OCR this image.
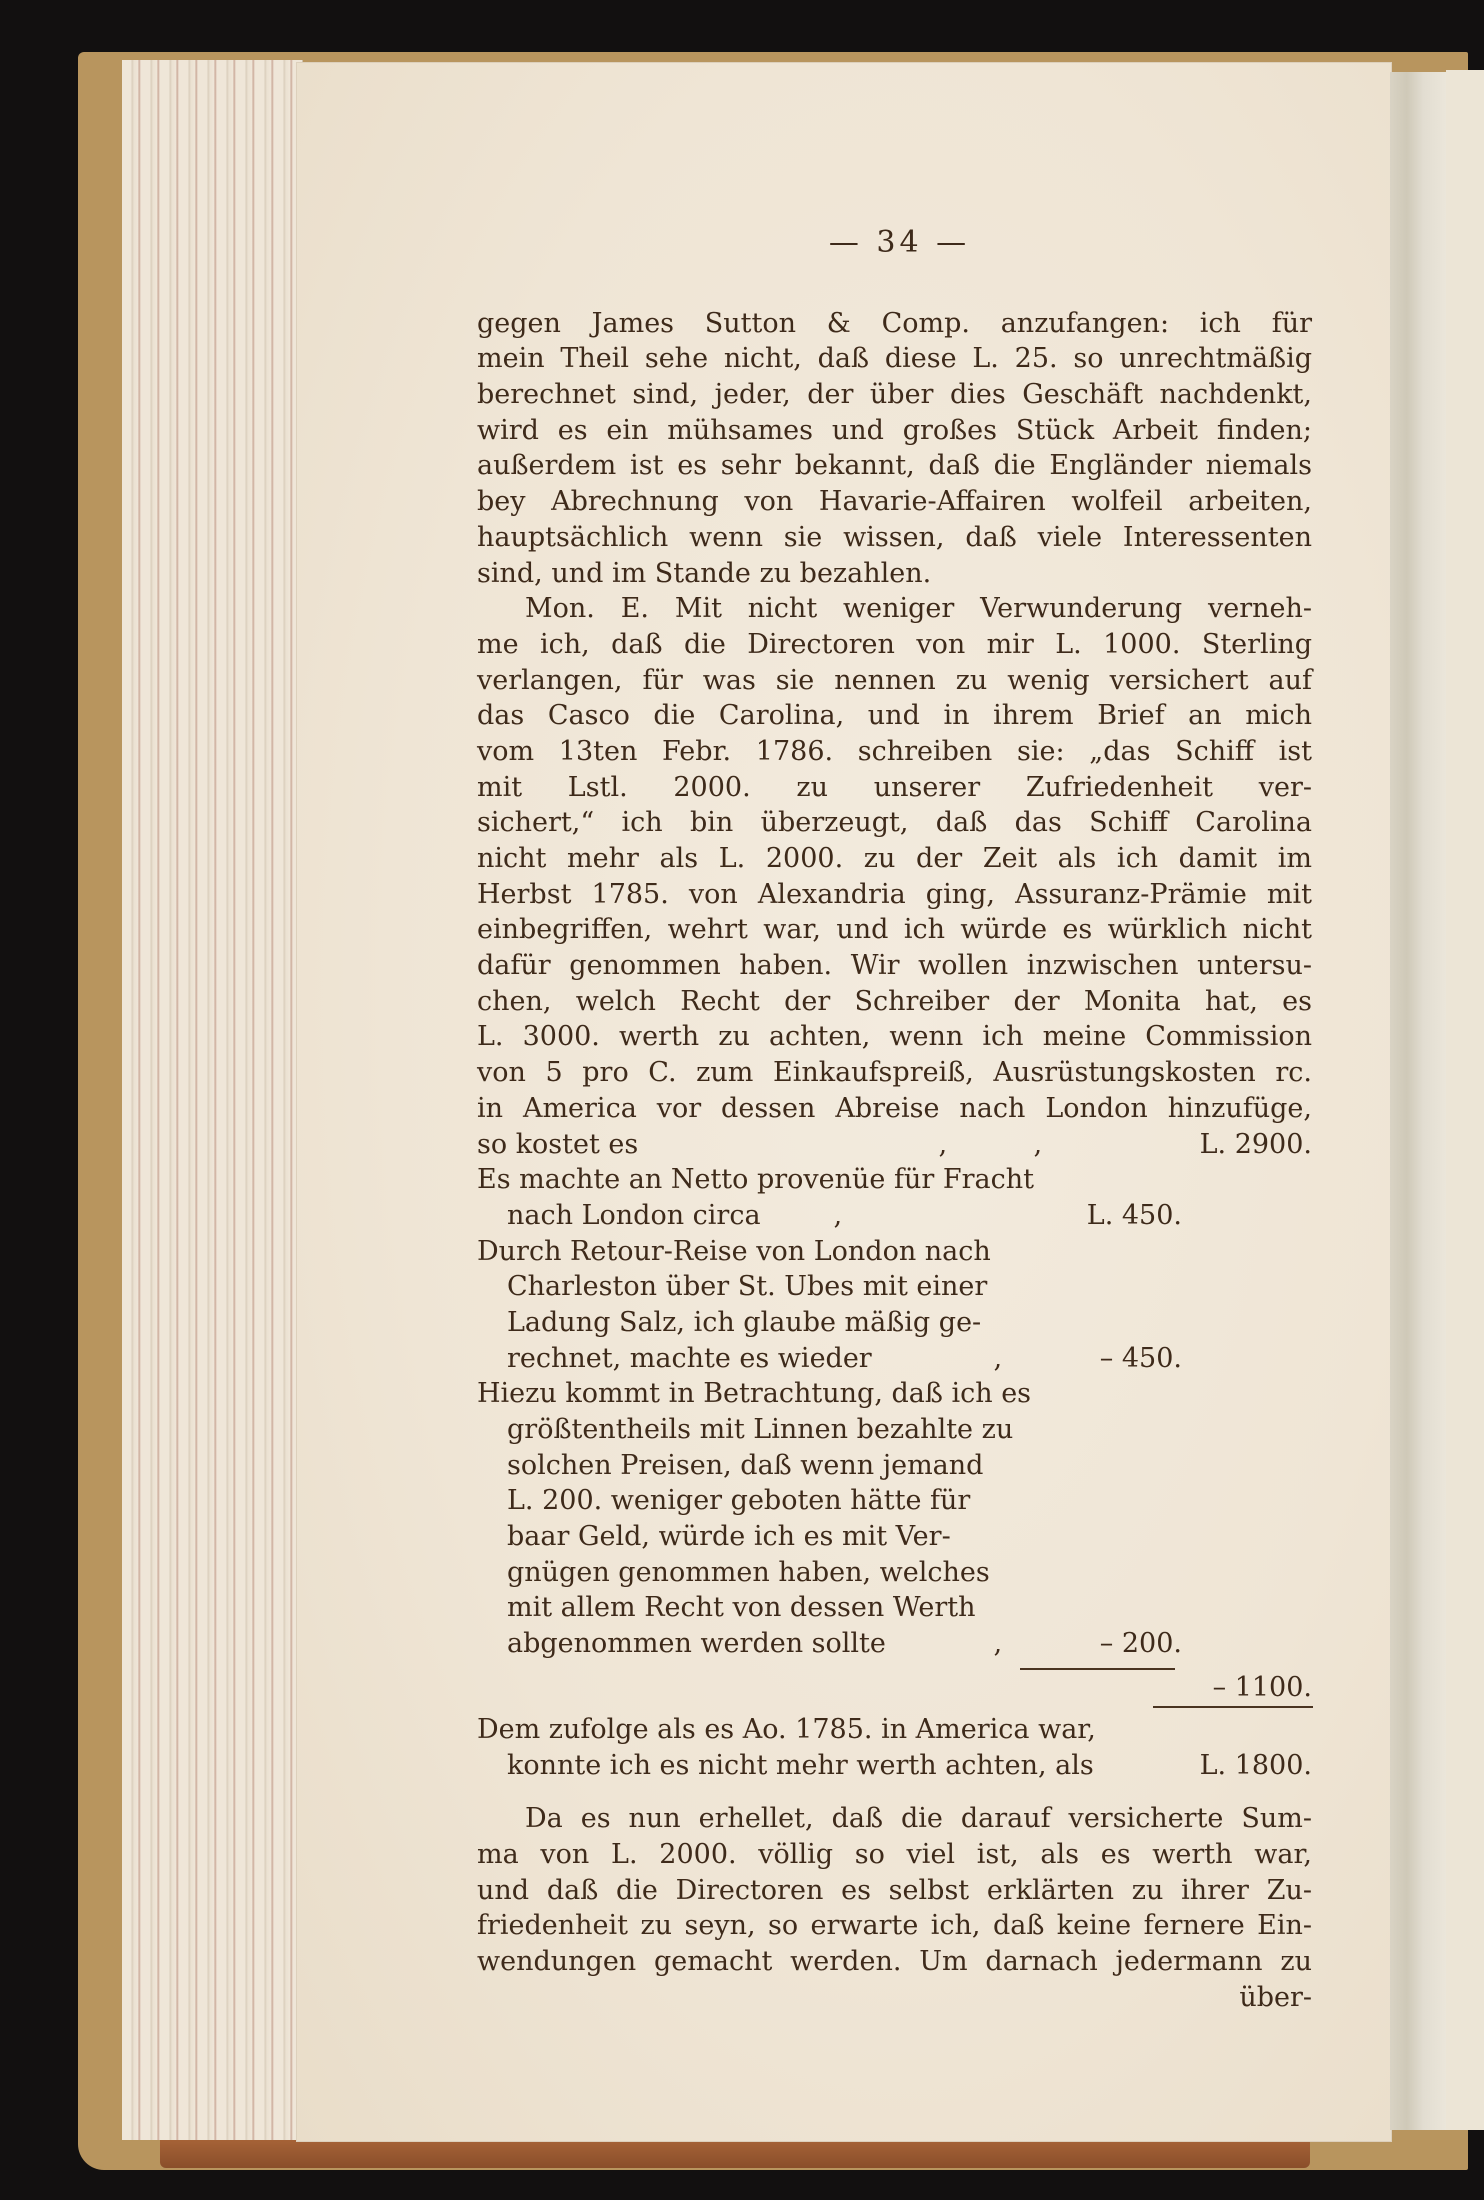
— 34 —
gegen James Sutton & Comp. anzufangen: ich für
mein Theil sehe nicht, daß diese L. 25. so unrechtmäßig
berechnet sind, jeder, der über dies Geschäft nachdenkt,
wird es ein mühsames und großes Stück Arbeit finden;
außerdem ist es sehr bekannt, daß die Engländer niemals
bey Abrechnung von Havarie-Affairen wolfeil arbeiten,
hauptsächlich wenn sie wissen, daß viele Interessenten
sind, und im Stande zu bezahlen.
Mon. E. Mit nicht weniger Verwunderung verneh-
me ich, daß die Directoren von mir L. 1000. Sterling
verlangen, für was sie nennen zu wenig versichert auf
das Casco die Carolina, und in ihrem Brief an mich
vom 13ten Febr. 1786. schreiben sie: „das Schiff ist
mit Lstl. 2000. zu unserer Zufriedenheit ver-
sichert,“ ich bin überzeugt, daß das Schiff Carolina
nicht mehr als L. 2000. zu der Zeit als ich damit im
Herbst 1785. von Alexandria ging, Assuranz-Prämie mit
einbegriffen, wehrt war, und ich würde es würklich nicht
dafür genommen haben. Wir wollen inzwischen untersu-
chen, welch Recht der Schreiber der Monita hat, es
L. 3000. werth zu achten, wenn ich meine Commission
von 5 pro C. zum Einkaufspreiß, Ausrüstungskosten rc.
in America vor dessen Abreise nach London hinzufüge,
so kostet es	‚	‚	L. 2900.
Es machte an Netto provenüe für Fracht
nach London circa	‚	L. 450.
Durch Retour-Reise von London nach
Charleston über St. Ubes mit einer
Ladung Salz, ich glaube mäßig ge-
rechnet, machte es wieder	‚	– 450.
Hiezu kommt in Betrachtung, daß ich es
größtentheils mit Linnen bezahlte zu
solchen Preisen, daß wenn jemand
L. 200. weniger geboten hätte für
baar Geld, würde ich es mit Ver-
gnügen genommen haben, welches
mit allem Recht von dessen Werth
abgenommen werden sollte	‚	– 200.
– 1100.
Dem zufolge als es Ao. 1785. in America war,
konnte ich es nicht mehr werth achten, als	L. 1800.
Da es nun erhellet, daß die darauf versicherte Sum-
ma von L. 2000. völlig so viel ist, als es werth war,
und daß die Directoren es selbst erklärten zu ihrer Zu-
friedenheit zu seyn, so erwarte ich, daß keine fernere Ein-
wendungen gemacht werden. Um darnach jedermann zu
über-
